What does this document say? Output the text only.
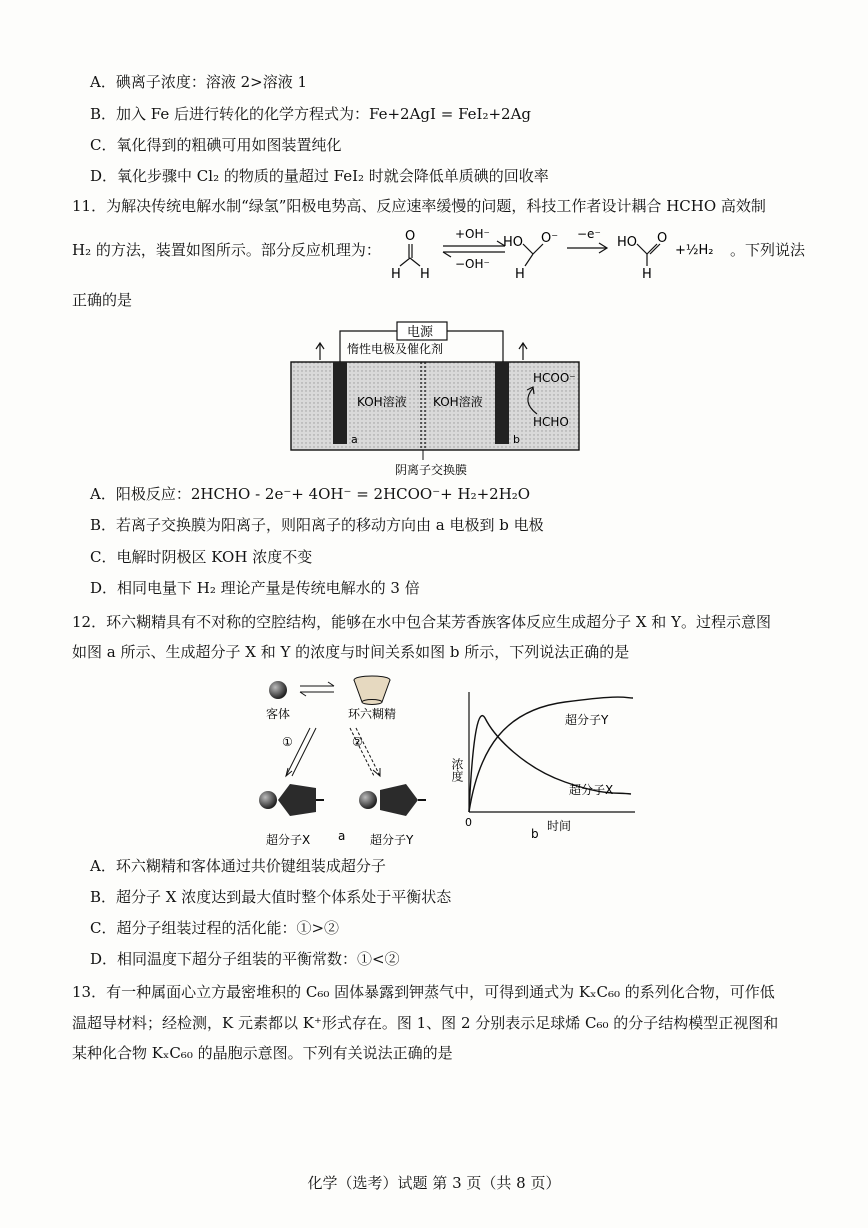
A．碘离子浓度：溶液 2>溶液 1
B．加入 Fe 后进行转化的化学方程式为：Fe+2AgI = FeI₂+2Ag
C．氧化得到的粗碘可用如图装置纯化
D．氧化步骤中 Cl₂ 的物质的量超过 FeI₂ 时就会降低单质碘的回收率
11．为解决传统电解水制“绿氢”阳极电势高、反应速率缓慢的问题，科技工作者设计耦合 HCHO 高效制
H₂ 的方法，装置如图所示。部分反应机理为：
O
H H
+OH⁻
−OH⁻
HO O⁻
H
−e⁻
HO O
H
+½H₂ 。下列说法
正确的是
电源
惰性电极及催化剂
a	b
KOH溶液 KOH溶液
HCOO⁻
HCHO
阴离子交换膜
A．阳极反应：2HCHO - 2e⁻+ 4OH⁻ = 2HCOO⁻+ H₂+2H₂O
B．若离子交换膜为阳离子，则阳离子的移动方向由 a 电极到 b 电极
C．电解时阴极区 KOH 浓度不变
D．相同电量下 H₂ 理论产量是传统电解水的 3 倍
12．环六糊精具有不对称的空腔结构，能够在水中包合某芳香族客体反应生成超分子 X 和 Y。过程示意图
如图 a 所示、生成超分子 X 和 Y 的浓度与时间关系如图 b 所示，下列说法正确的是
客体	环六糊精
①	②
超分子X a 超分子Y
浓度
0	时间
b
超分子Y
超分子X
A．环六糊精和客体通过共价键组装成超分子
B．超分子 X 浓度达到最大值时整个体系处于平衡状态
C．超分子组装过程的活化能：①>②
D．相同温度下超分子组装的平衡常数：①<②
13．有一种属面心立方最密堆积的 C₆₀ 固体暴露到钾蒸气中，可得到通式为 KₓC₆₀ 的系列化合物，可作低
温超导材料；经检测，K 元素都以 K⁺形式存在。图 1、图 2 分别表示足球烯 C₆₀ 的分子结构模型正视图和
某种化合物 KₓC₆₀ 的晶胞示意图。下列有关说法正确的是
化学（选考）试题 第 3 页（共 8 页）
